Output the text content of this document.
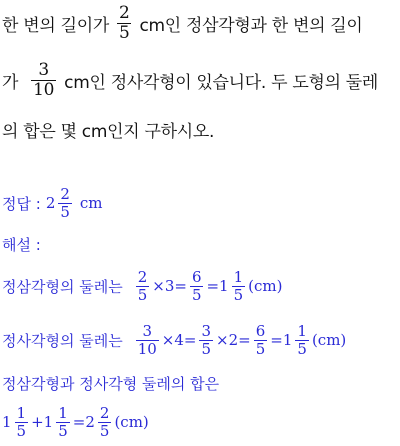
한 변의 길이가 $\frac{2}{5}$ cm인 정삼각형과 한 변의 길이
가 $\frac{3}{10}$ cm인 정사각형이 있습니다. 두 도형의 둘레
의 합은 몇 cm인지 구하시오.
정답 : $2 \frac{2}{5}$ cm
해설 :
정삼각형의 둘레는 $\frac{2}{5} \times 3= \frac{6}{5} =1 \frac{1}{5} (cm)$
정사각형의 둘레는 $\frac{3}{10} \times 4= \frac{3}{5} \times 2= \frac{6}{5} =1 \frac{1}{5} (cm)$
정삼각형과 정사각형 둘레의 합은
$1 \frac{1}{5} +1 \frac{1}{5} =2 \frac{2}{5} (cm)$
